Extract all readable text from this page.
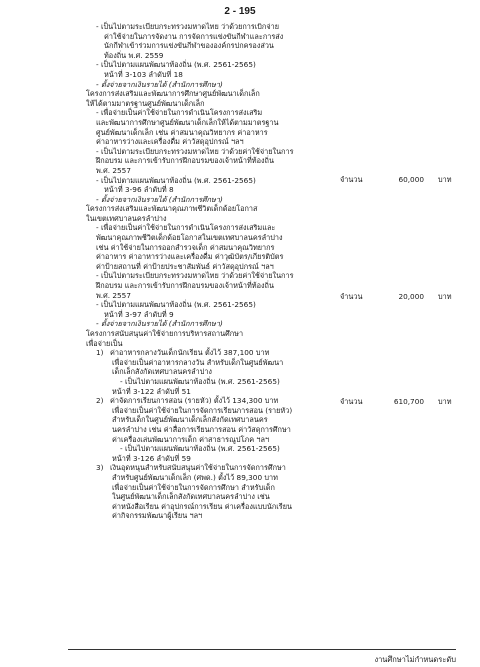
2 - 195
- เป็นไปตามระเบียบกระทรวงมหาดไทย ว่าด้วยการเบิกจ่าย
ค่าใช้จ่ายในการจัดงาน การจัดการแข่งขันกีฬาและการส่ง
นักกีฬาเข้าร่วมการแข่งขันกีฬาขององค์กรปกครองส่วน
ท้องถิ่น พ.ศ. 2559
- เป็นไปตามแผนพัฒนาท้องถิ่น (พ.ศ. 2561-2565)
หน้าที่ 3-103 ลำดับที่ 18
- ตั้งจ่ายจากเงินรายได้ (สำนักการศึกษา)
โครงการส่งเสริมและพัฒนาการศึกษาศูนย์พัฒนาเด็กเล็ก
ให้ได้ตามมาตรฐานศูนย์พัฒนาเด็กเล็ก
- เพื่อจ่ายเป็นค่าใช้จ่ายในการดำเนินโครงการส่งเสริม
และพัฒนาการศึกษาศูนย์พัฒนาเด็กเล็กให้ได้ตามมาตรฐาน
ศูนย์พัฒนาเด็กเล็ก เช่น ค่าสมนาคุณวิทยากร ค่าอาหาร
ค่าอาหารว่างและเครื่องดื่ม ค่าวัสดุอุปกรณ์ ฯลฯ
- เป็นไปตามระเบียบกระทรวงมหาดไทย ว่าด้วยค่าใช้จ่ายในการ
ฝึกอบรม และการเข้ารับการฝึกอบรมของเจ้าหน้าที่ท้องถิ่น
พ.ศ. 2557
- เป็นไปตามแผนพัฒนาท้องถิ่น (พ.ศ. 2561-2565)
หน้าที่ 3-96 ลำดับที่ 8
- ตั้งจ่ายจากเงินรายได้ (สำนักการศึกษา)
โครงการส่งเสริมและพัฒนาคุณภาพชีวิตเด็กด้อยโอกาส
ในเขตเทศบาลนครลำปาง
- เพื่อจ่ายเป็นค่าใช้จ่ายในการดำเนินโครงการส่งเสริมและ
พัฒนาคุณภาพชีวิตเด็กด้อยโอกาสในเขตเทศบาลนครลำปาง
เช่น ค่าใช้จ่ายในการออกสำรวจเด็ก ค่าสมนาคุณวิทยากร
ค่าอาหาร ค่าอาหารว่างและเครื่องดื่ม ค่าวุฒิบัตร/เกียรติบัตร
ค่าป้ายสถานที่ ค่าป้ายประชาสัมพันธ์ ค่าวัสดุอุปกรณ์ ฯลฯ
- เป็นไปตามระเบียบกระทรวงมหาดไทย ว่าด้วยค่าใช้จ่ายในการ
ฝึกอบรม และการเข้ารับการฝึกอบรมของเจ้าหน้าที่ท้องถิ่น
พ.ศ. 2557
- เป็นไปตามแผนพัฒนาท้องถิ่น (พ.ศ. 2561-2565)
หน้าที่ 3-97 ลำดับที่ 9
- ตั้งจ่ายจากเงินรายได้ (สำนักการศึกษา)
โครงการสนับสนุนค่าใช้จ่ายการบริหารสถานศึกษา
เพื่อจ่ายเป็น
1) ค่าอาหารกลางวันเด็กนักเรียน ตั้งไว้ 387,100 บาท
เพื่อจ่ายเป็นค่าอาหารกลางวัน สำหรับเด็กในศูนย์พัฒนา
เด็กเล็กสังกัดเทศบาลนครลำปาง
- เป็นไปตามแผนพัฒนาท้องถิ่น (พ.ศ. 2561-2565)
หน้าที่ 3-122 ลำดับที่ 51
2) ค่าจัดการเรียนการสอน (รายหัว) ตั้งไว้ 134,300 บาท
เพื่อจ่ายเป็นค่าใช้จ่ายในการจัดการเรียนการสอน (รายหัว)
สำหรับเด็กในศูนย์พัฒนาเด็กเล็กสังกัดเทศบาลนคร
นครลำปาง เช่น ค่าสื่อการเรียนการสอน ค่าวัสดุการศึกษา
ค่าเครื่องเล่นพัฒนาการเด็ก ค่าสาธารณูปโภค ฯลฯ
- เป็นไปตามแผนพัฒนาท้องถิ่น (พ.ศ. 2561-2565)
หน้าที่ 3-126 ลำดับที่ 59
3) เงินอุดหนุนสำหรับสนับสนุนค่าใช้จ่ายในการจัดการศึกษา
สำหรับศูนย์พัฒนาเด็กเล็ก (ศพด.) ตั้งไว้ 89,300 บาท
เพื่อจ่ายเป็นค่าใช้จ่ายในการจัดการศึกษา สำหรับเด็ก
ในศูนย์พัฒนาเด็กเล็กสังกัดเทศบาลนครลำปาง เช่น
ค่าหนังสือเรียน ค่าอุปกรณ์การเรียน ค่าเครื่องแบบนักเรียน
ค่ากิจกรรมพัฒนาผู้เรียน ฯลฯ
จำนวน	60,000 บาท
จำนวน	20,000 บาท
จำนวน	610,700 บาท
งานศึกษาไม่กำหนดระดับ
